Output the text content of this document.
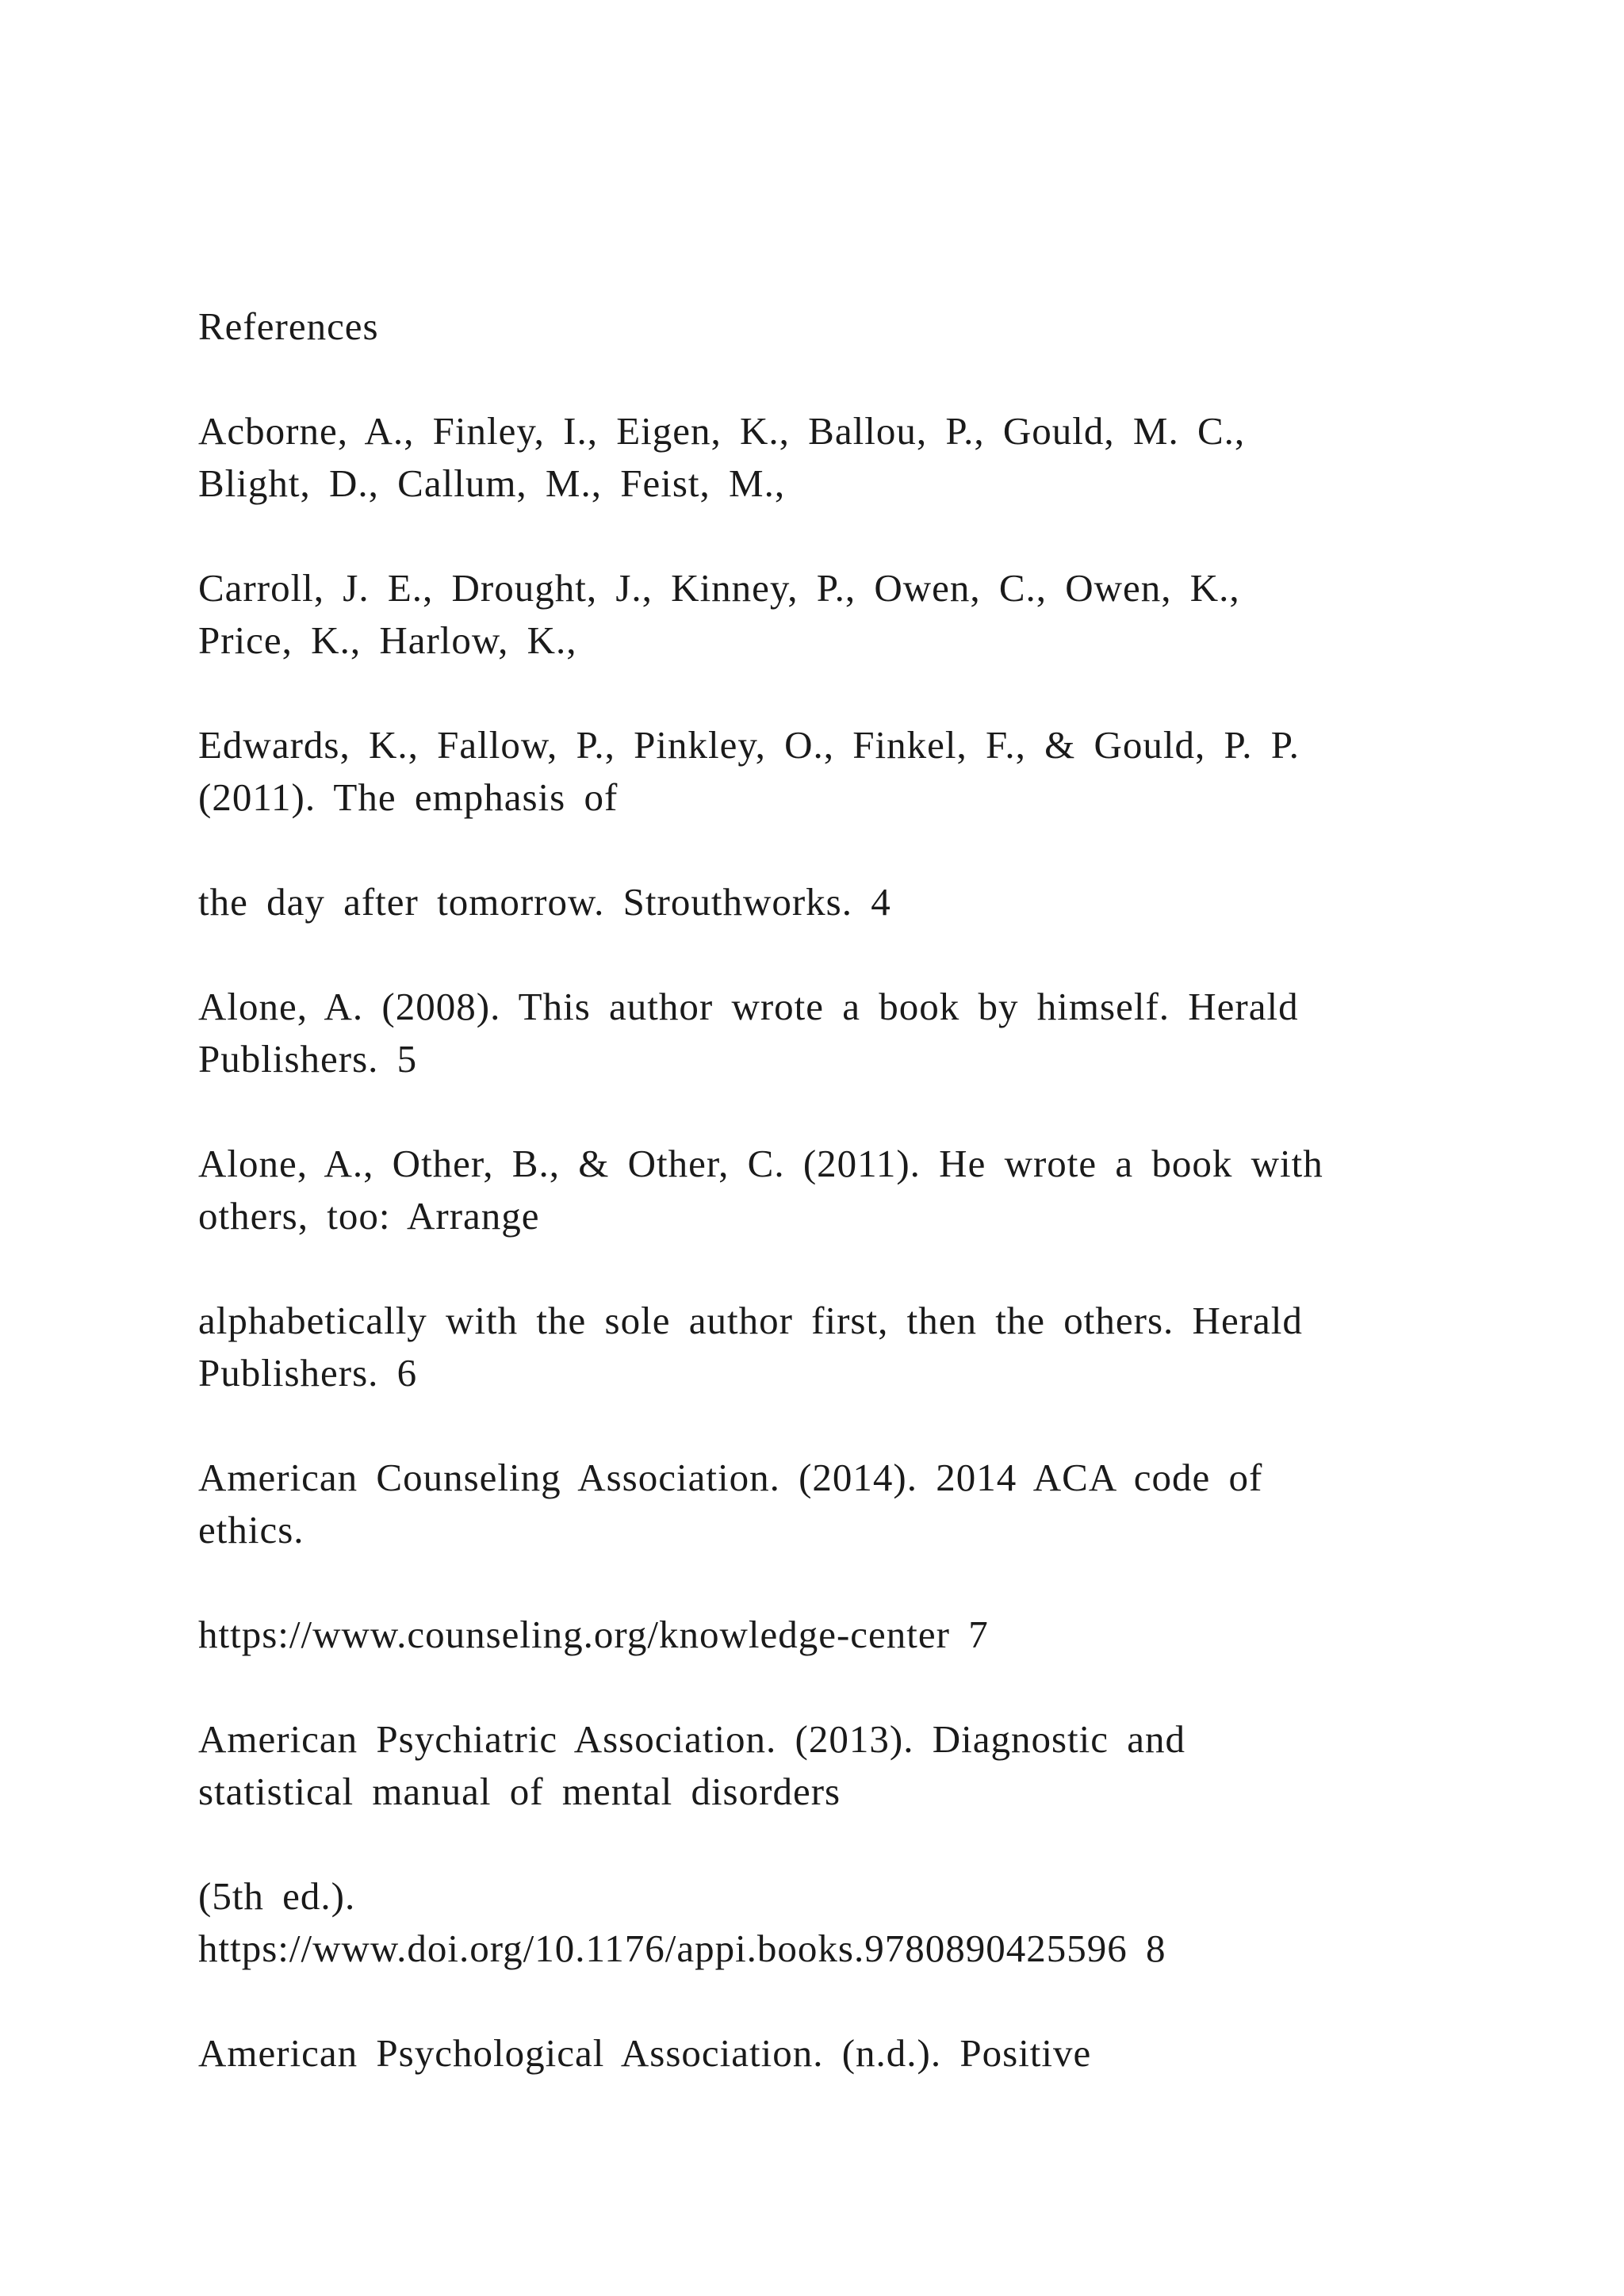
References
Acborne, A., Finley, I., Eigen, K., Ballou, P., Gould, M. C.,
Blight, D., Callum, M., Feist, M.,
Carroll, J. E., Drought, J., Kinney, P., Owen, C., Owen, K.,
Price, K., Harlow, K.,
Edwards, K., Fallow, P., Pinkley, O., Finkel, F., & Gould, P. P.
(2011). The emphasis of
the day after tomorrow. Strouthworks. 4
Alone, A. (2008). This author wrote a book by himself. Herald
Publishers. 5
Alone, A., Other, B., & Other, C. (2011). He wrote a book with
others, too: Arrange
alphabetically with the sole author first, then the others. Herald
Publishers. 6
American Counseling Association. (2014). 2014 ACA code of
ethics.
https://www.counseling.org/knowledge-center 7
American Psychiatric Association. (2013). Diagnostic and
statistical manual of mental disorders
(5th ed.).
https://www.doi.org/10.1176/appi.books.9780890425596 8
American Psychological Association. (n.d.). Positive
